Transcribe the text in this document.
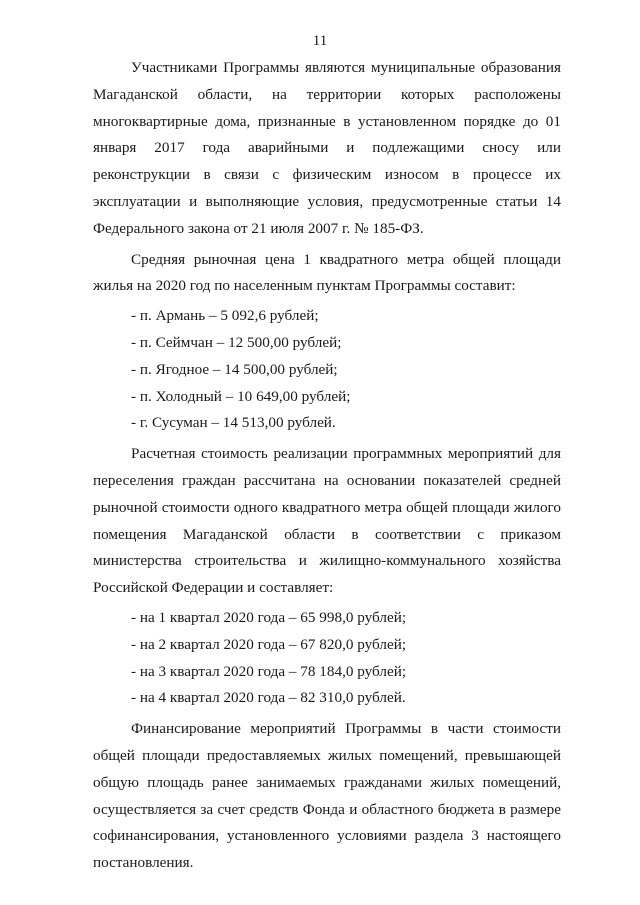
11

Участниками Программы являются муниципальные образования Магаданской области, на территории которых расположены многоквартирные дома, признанные в установленном порядке до 01 января 2017 года аварийными и подлежащими сносу или реконструкции в связи с физическим износом в процессе их эксплуатации и выполняющие условия, предусмотренные статьи 14 Федерального закона от 21 июля 2007 г. № 185-ФЗ.

Средняя рыночная цена 1 квадратного метра общей площади жилья на 2020 год по населенным пунктам Программы составит:

- п. Армань – 5 092,6 рублей;
- п. Сеймчан – 12 500,00 рублей;
- п. Ягодное – 14 500,00 рублей;
- п. Холодный – 10 649,00 рублей;
- г. Сусуман – 14 513,00 рублей.

Расчетная стоимость реализации программных мероприятий для переселения граждан рассчитана на основании показателей средней рыночной стоимости одного квадратного метра общей площади жилого помещения Магаданской области в соответствии с приказом министерства строительства и жилищно-коммунального хозяйства Российской Федерации и составляет:

- на 1 квартал 2020 года – 65 998,0 рублей;
- на 2 квартал 2020 года – 67 820,0 рублей;
- на 3 квартал 2020 года – 78 184,0 рублей;
- на 4 квартал 2020 года – 82 310,0 рублей.

Финансирование мероприятий Программы в части стоимости общей площади предоставляемых жилых помещений, превышающей общую площадь ранее занимаемых гражданами жилых помещений, осуществляется за счет средств Фонда и областного бюджета в размере софинансирования, установленного условиями раздела 3 настоящего постановления.
